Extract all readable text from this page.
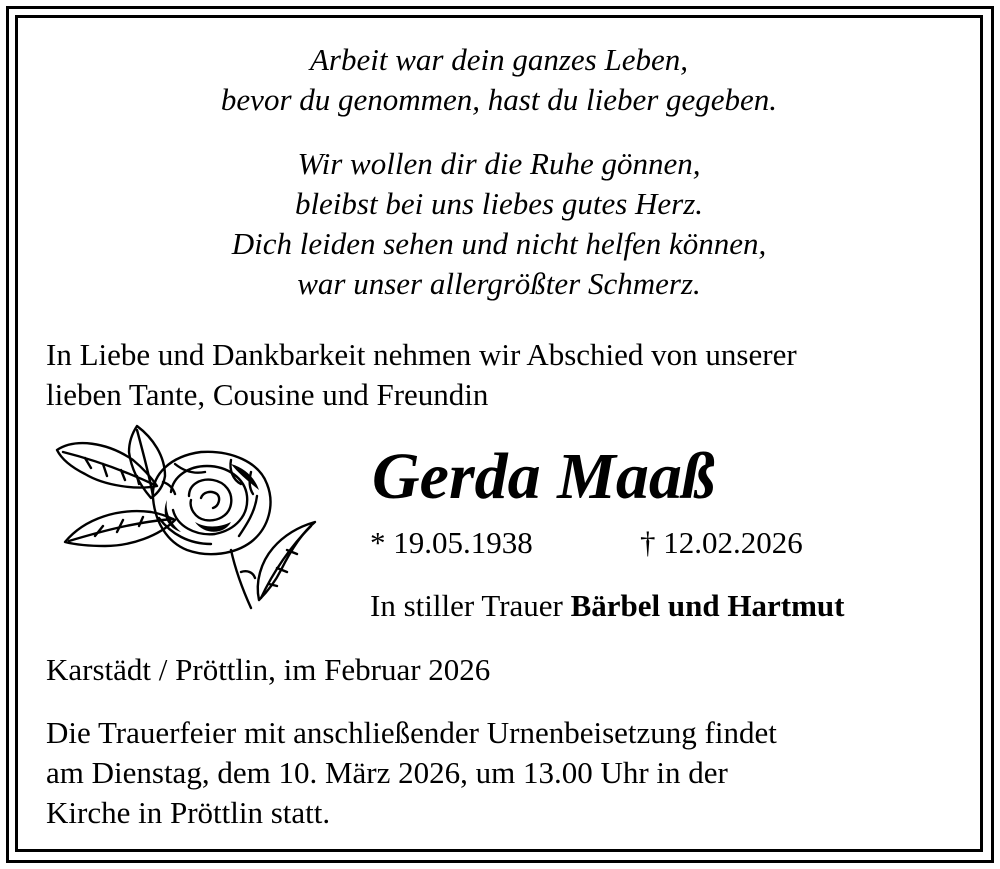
Arbeit war dein ganzes Leben,
bevor du genommen, hast du lieber gegeben.
Wir wollen dir die Ruhe gönnen,
bleibst bei uns liebes gutes Herz.
Dich leiden sehen und nicht helfen können,
war unser allergrößter Schmerz.
In Liebe und Dankbarkeit nehmen wir Abschied von unserer
lieben Tante, Cousine und Freundin
Gerda Maaß
* 19.05.1938	† 12.02.2026
In stiller Trauer Bärbel und Hartmut
Karstädt / Pröttlin, im Februar 2026
Die Trauerfeier mit anschließender Urnenbeisetzung findet
am Dienstag, dem 10. März 2026, um 13.00 Uhr in der
Kirche in Pröttlin statt.
